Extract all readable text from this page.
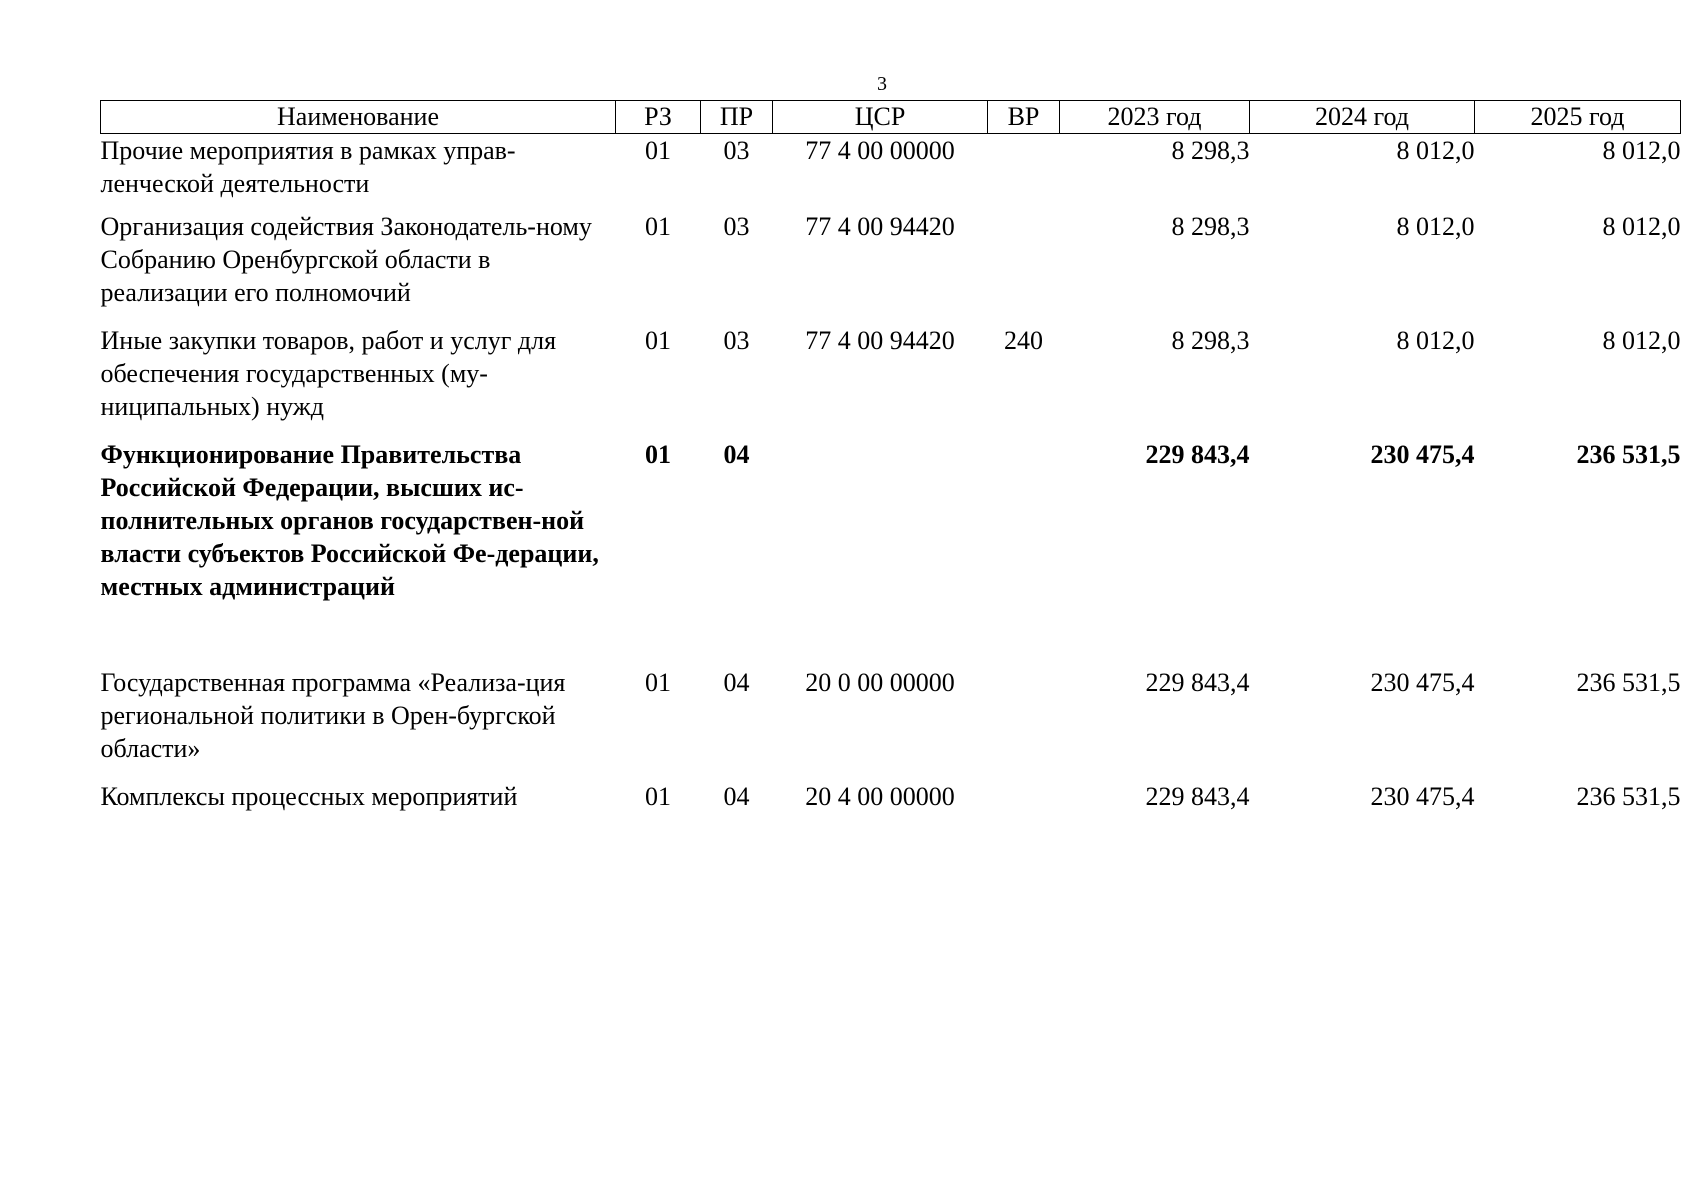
3
Наименование	РЗ	ПР	ЦСР	ВР	2023 год	2024 год	2025 год
Прочие мероприятия в рамках управ-ленческой деятельности	01	03	77 4 00 00000		8 298,3	8 012,0	8 012,0
Организация содействия Законодатель-ному Собранию Оренбургской области в реализации его полномочий	01	03	77 4 00 94420		8 298,3	8 012,0	8 012,0
Иные закупки товаров, работ и услуг для обеспечения государственных (му-ниципальных) нужд	01	03	77 4 00 94420	240	8 298,3	8 012,0	8 012,0
Функционирование Правительства Российской Федерации, высших ис-полнительных органов государствен-ной власти субъектов Российской Фе-дерации, местных администраций	01	04			229 843,4	230 475,4	236 531,5
Государственная программа «Реализа-ция региональной политики в Орен-бургской области»	01	04	20 0 00 00000		229 843,4	230 475,4	236 531,5
Комплексы процессных мероприятий	01	04	20 4 00 00000		229 843,4	230 475,4	236 531,5
